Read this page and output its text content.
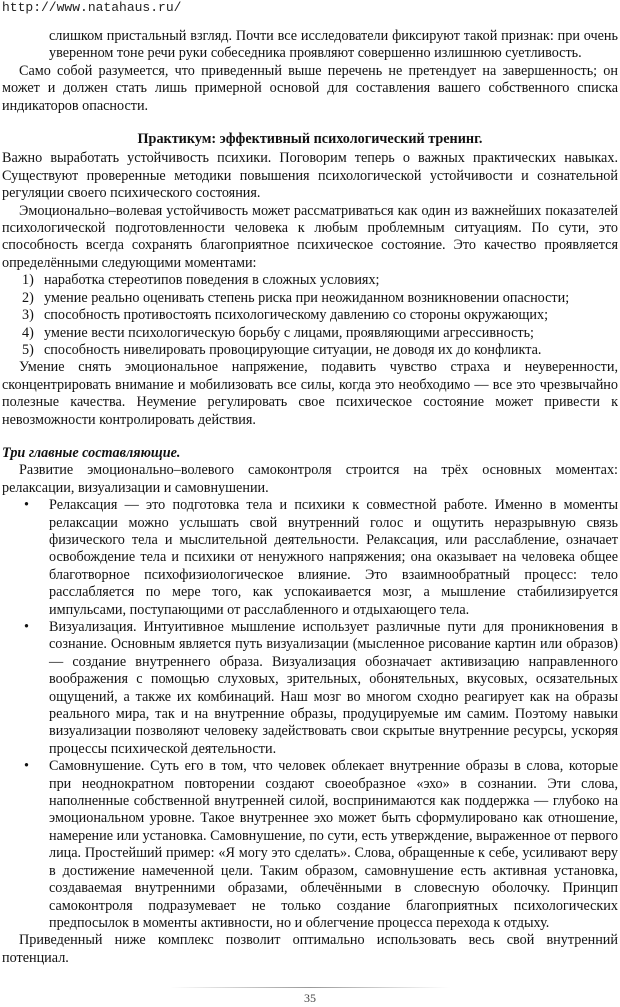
http://www.natahaus.ru/

слишком пристальный взгляд. Почти все исследователи фиксируют такой признак: при очень уверенном тоне речи руки собеседника проявляют совершенно излишнюю суетливость.

Само собой разумеется, что приведенный выше перечень не претендует на завершенность; он может и должен стать лишь примерной основой для составления вашего собственного списка индикаторов опасности.

Практикум: эффективный психологический тренинг.

Важно выработать устойчивость психики. Поговорим теперь о важных практических навыках. Существуют проверенные методики повышения психологической устойчивости и сознательной регуляции своего психического состояния.

Эмоционально–волевая устойчивость может рассматриваться как один из важнейших показателей психологической подготовленности человека к любым проблемным ситуациям. По сути, это способность всегда сохранять благоприятное психическое состояние. Это качество проявляется определёнными следующими моментами:

1) наработка стереотипов поведения в сложных условиях;
2) умение реально оценивать степень риска при неожиданном возникновении опасности;
3) способность противостоять психологическому давлению со стороны окружающих;
4) умение вести психологическую борьбу с лицами, проявляющими агрессивность;
5) способность нивелировать провоцирующие ситуации, не доводя их до конфликта.

Умение снять эмоциональное напряжение, подавить чувство страха и неуверенности, сконцентрировать внимание и мобилизовать все силы, когда это необходимо — все это чрезвычайно полезные качества. Неумение регулировать свое психическое состояние может привести к невозможности контролировать действия.

Три главные составляющие.

Развитие эмоционально–волевого самоконтроля строится на трёх основных моментах: релаксации, визуализации и самовнушении.

• Релаксация — это подготовка тела и психики к совместной работе. Именно в моменты релаксации можно услышать свой внутренний голос и ощутить неразрывную связь физического тела и мыслительной деятельности. Релаксация, или расслабление, означает освобождение тела и психики от ненужного напряжения; она оказывает на человека общее благотворное психофизиологическое влияние. Это взаимнообратный процесс: тело расслабляется по мере того, как успокаивается мозг, а мышление стабилизируется импульсами, поступающими от расслабленного и отдыхающего тела.
• Визуализация. Интуитивное мышление использует различные пути для проникновения в сознание. Основным является путь визуализации (мысленное рисование картин или образов) — создание внутреннего образа. Визуализация обозначает активизацию направленного воображения с помощью слуховых, зрительных, обонятельных, вкусовых, осязательных ощущений, а также их комбинаций. Наш мозг во многом сходно реагирует как на образы реального мира, так и на внутренние образы, продуцируемые им самим. Поэтому навыки визуализации позволяют человеку задействовать свои скрытые внутренние ресурсы, ускоряя процессы психической деятельности.
• Самовнушение. Суть его в том, что человек облекает внутренние образы в слова, которые при неоднократном повторении создают своеобразное «эхо» в сознании. Эти слова, наполненные собственной внутренней силой, воспринимаются как поддержка — глубоко на эмоциональном уровне. Такое внутреннее эхо может быть сформулировано как отношение, намерение или установка. Самовнушение, по сути, есть утверждение, выраженное от первого лица. Простейший пример: «Я могу это сделать». Слова, обращенные к себе, усиливают веру в достижение намеченной цели. Таким образом, самовнушение есть активная установка, создаваемая внутренними образами, облечёнными в словесную оболочку. Принцип самоконтроля подразумевает не только создание благоприятных психологических предпосылок в моменты активности, но и облегчение процесса перехода к отдыху.

Приведенный ниже комплекс позволит оптимально использовать весь свой внутренний потенциал.

35
